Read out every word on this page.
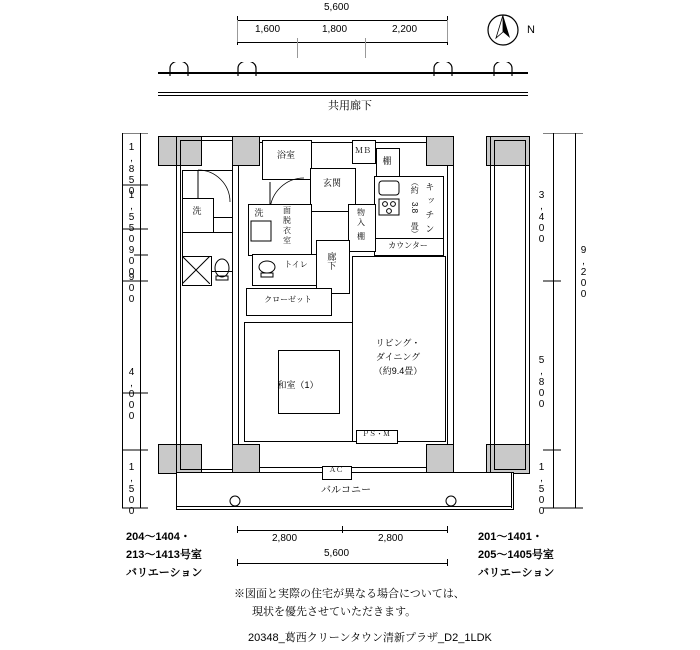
5,600
1,600	1,800	2,200	N
共用廊下
1,850
1,550
900
900
4,000
1,500
3,400
5,800
1,500
9,200
洗
浴室	ＭＢ
棚
玄関	キ
ッ
チ
ン
（約
3.8
畳）
カウンター
物
入
棚
洗	面
脱
衣
室
トイレ	廊下
クローゼット
和室（1）
リビング・
ダイニング
（約9.4畳）
ＰＳ・Ｍ
バルコニー
ＡＣ
2,800	2,800
5,600
204〜1404・
213〜1413号室
バリエーション
201〜1401・
205〜1405号室
バリエーション
※図面と実際の住宅が異なる場合については、
現状を優先させていただきます。
20348_葛西クリーンタウン清新プラザ_D2_1LDK
